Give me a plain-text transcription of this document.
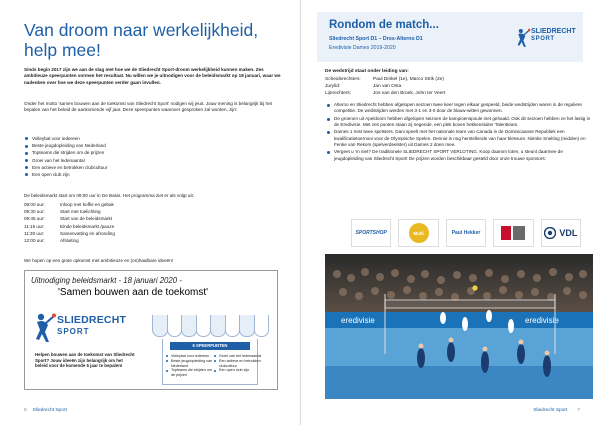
Van droom naar werkelijkheid, help mee!

Sinds begin 2017 zijn we aan de slag met hoe we de Sliedrecht Sport-droom werkelijkheid kunnen maken. Zes ambitieuze speerpunten vormen het resultaat. Nu willen we je uitnodigen voor de beleidsmarkt op 18 januari, waar we nadenken over hoe we deze speerpunten verder gaan invullen.

Onder het motto 'samen bouwen aan de toekomst van Sliedrecht Sport' nodigen wij jeuit. Jouw mening is belangrijk bij het bepalen van het beleid de aankomende vijf jaar. Deze speerpunten waarover gesproken zal worden, zijn:

Volleybal voor iedereen
Beste jeugdopleiding van Nederland
Topteams die strijden om de prijzen
Groei van het ledenaantal
Een actieve en betrokken clubcultuur
Een open club zijn

De beleidsmarkt start om 09:00 uur in De Basis. Het programma ziet er als volgt uit:

09:00 uur:	Inloop met koffie en gebak
09:30 uur:	Start met toelichting
09:45 uur:	Start van de beleidsmarkt
11:15 uur:	Einde beleidsmarkt /pauze
11:30 uur:	Samenvatting en afronding
12:00 uur:	Afsluiting

We hopen op een grote opkomst met ambitieuze en (on)haalbare ideeën!

Uitnodiging beleidsmarkt - 18 januari 2020 -
'Samen bouwen aan de toekomst'
SLIEDRECHT
SPORT

Helpen bouwen aan de toekomst van Sliedrecht Sport? Jouw ideeën zijn belangrijk om het beleid voor de komende 5 jaar te bepalen!

6 SPEERPUNTEN
Volleybal voor iedereen
Beste jeugdopleiding van Nederland
Topteams die strijden om de prijzen
Groei van het ledenaantal
Een actieve en betrokken clubcultuur
Een open club zijn
6 Sliedrecht Sport
Rondom de match...
Sliedrecht Sport D1 – Dros-Alterno D1
Eredivisie Dames 2019-2020
SLIEDRECHT
SPORT
De wedstrijd staat onder leiding van:
Scheidsrechters:	Paul Dinkel (1e), Marco Strik (2e)
Jurylid:	Jan van Osta
Lijnrechters:	Jos van den Broek, John ter Veert
Alterno en Sliedrecht hebben afgelopen seizoen twee keer tegen elkaar gespeeld, beide wedstrijden waren in de reguliere competitie. De wedstrijden werden met 3-1 en 3-0 door de blauw-witten gewonnen.
De groenen uit Apeldoorn hebben afgelopen seizoen de kampioenspoule niet gehaald. Ook dit seizoen hebben ze het lastig in de Eredivisie. Met zes punten staan zij negende, een plek boven hekkensluiter Talentteam.
Dames 1 mist twee spelsters. Dani speelt met het nationale team van Canada in de Dominicaanse Republiek een kwalificatietoernooi voor de Olympische Spelen. Dennie is nog herstellende van haar blessure. Nienke Snelting (midden) en Fenke van Rekom (spelverdeelster) uit Dames 2 doen mee.
Vergeet u 'm niet? De traditionele SLIEDRECHT SPORT VERLOTING. Koop daarom loten, u steunt daarmee de jeugdopleiding van Sliedrecht Sport! De prijzen worden beschikbaar gesteld door onze trouwe sponsors:
SPORTSHOP	Multi	Paul Hekker	VDL
eredivisie	eredivisie
Sliedrecht Sport 7
